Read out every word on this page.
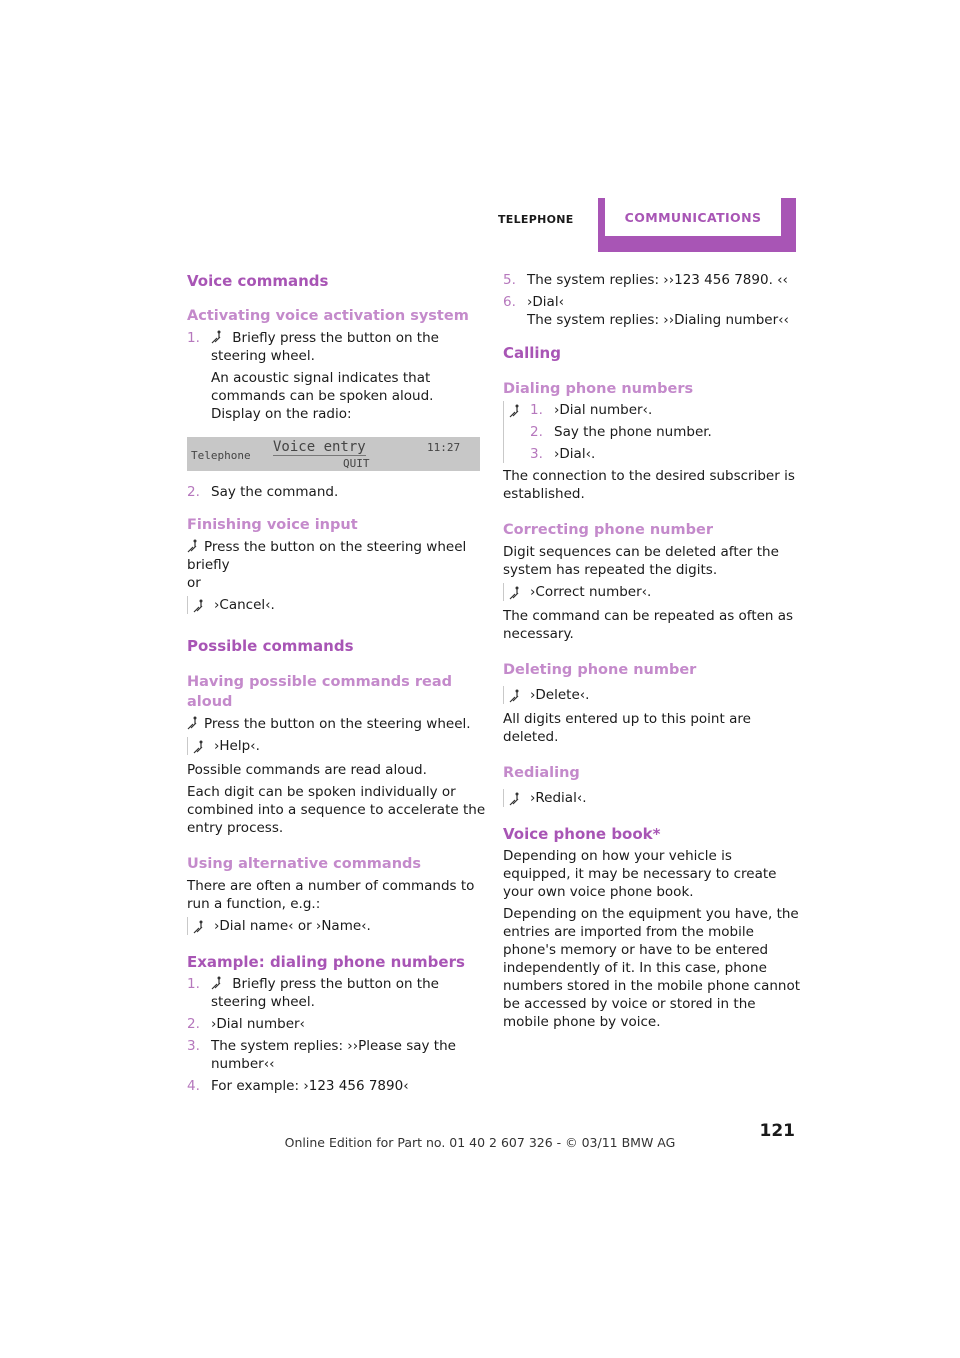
TELEPHONE	COMMUNICATIONS
Voice commands
Activating voice activation system
1. Briefly press the button on the steering wheel.

An acoustic signal indicates that commands can be spoken aloud. Display on the radio:

Telephone
Voice entry	11:27
QUIT
2. Say the command.
Finishing voice input

Press the button on the steering wheel briefly

or

›Cancel‹.
Possible commands
Having possible commands read aloud

Press the button on the steering wheel.

›Help‹.

Possible commands are read aloud.

Each digit can be spoken individually or combined into a sequence to accelerate the entry process.

Using alternative commands

There are often a number of commands to run a function, e.g.:

›Dial name‹ or ›Name‹.
Example: dialing phone numbers
1. Briefly press the button on the steering wheel.
2. ›Dial number‹
3. The system replies: ››Please say the number‹‹
4. For example: ›123 456 7890‹
5. The system replies: ››123 456 7890. ‹‹
6. ›Dial‹

The system replies: ››Dialing number‹‹

Calling
Dialing phone numbers
1. ›Dial number‹.
2. Say the phone number.
3. ›Dial‹.

The connection to the desired subscriber is established.

Correcting phone number

Digit sequences can be deleted after the system has repeated the digits.

›Correct number‹.

The command can be repeated as often as necessary.

Deleting phone number
›Delete‹.

All digits entered up to this point are deleted.

Redialing
›Redial‹.
Voice phone book*

Depending on how your vehicle is equipped, it may be necessary to create your own voice phone book.

Depending on the equipment you have, the entries are imported from the mobile phone's memory or have to be entered independently of it. In this case, phone numbers stored in the mobile phone cannot be accessed by voice or stored in the mobile phone by voice.

121
Online Edition for Part no. 01 40 2 607 326 - © 03/11 BMW AG
